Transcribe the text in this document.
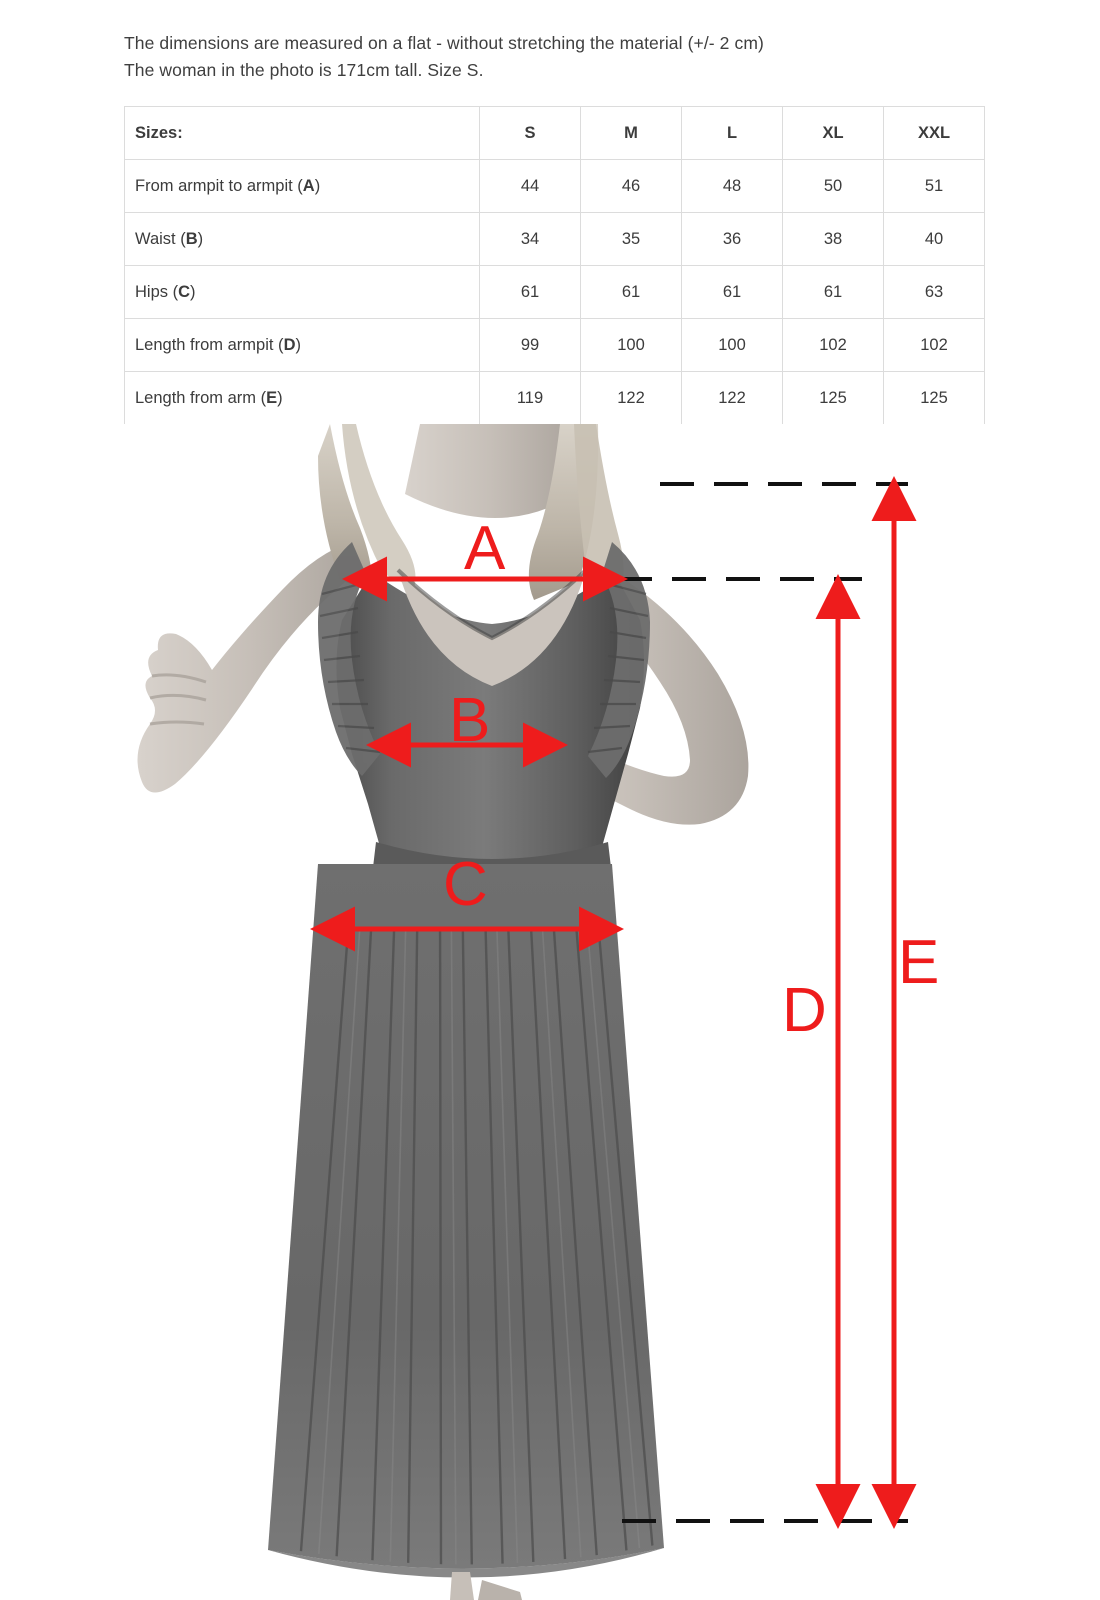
The dimensions are measured on a flat - without stretching the material (+/- 2 cm)
The woman in the photo is 171cm tall. Size S.
Sizes:	S	M	L	XL	XXL
From armpit to armpit (A)	44	46	48	50	51
Waist (B)	34	35	36	38	40
Hips (C)	61	61	61	61	63
Length from armpit (D)	99	100	100	102	102
Length from arm (E)	119	122	122	125	125
A
B
C
D
E
